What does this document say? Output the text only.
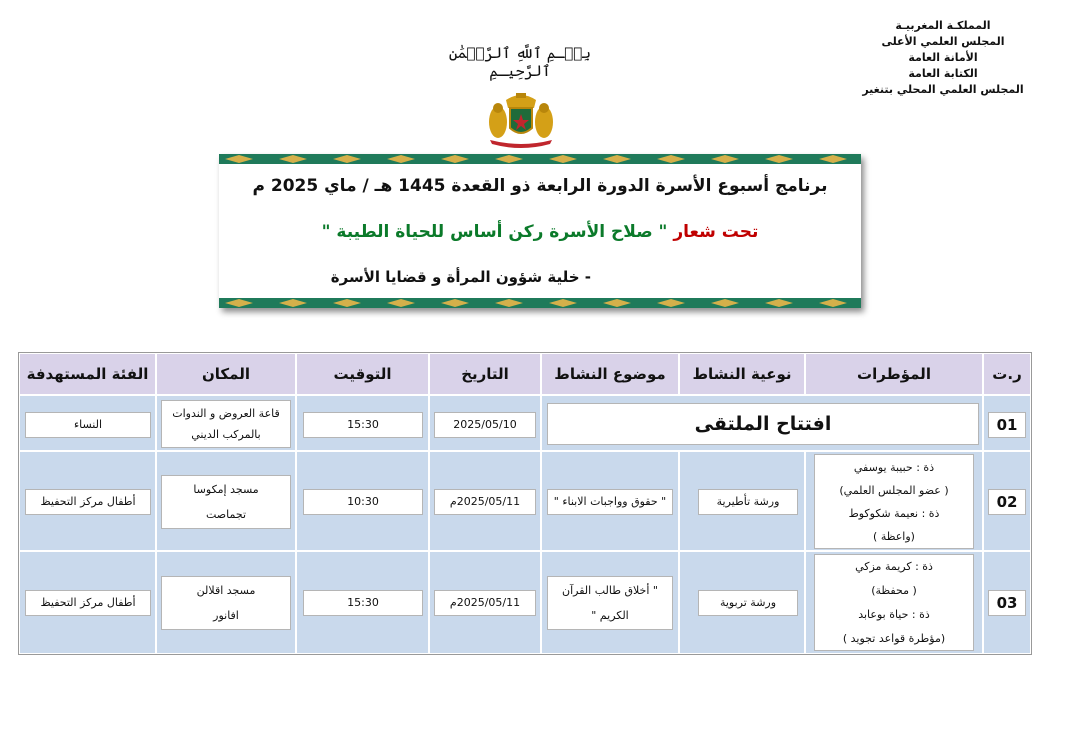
المملكـة المغربيـة
المجلس العلمي الأعلى
الأمانة العامة
الكتابة العامة
المجلس العلمي المحلي بتنغير
بِسۡـمِ ٱللَّهِ ٱلرَّحۡمَٰنِ ٱلرَّحِيـمِ
برنامج أسبوع الأسرة الدورة الرابعة ذو القعدة 1445 هـ / ماي 2025 م
تحت شعار " صلاح الأسرة ركن أساس للحياة الطيبة "
- خلية شؤون المرأة و قضايا الأسرة
ر.ت
01
02
03
المؤطرات
ذة : حبيبة يوسفي
( عضو المجلس العلمي)
ذة : نعيمة شكوكوط
(واعظة )
ذة : كريمة مزكي
( محفظة)
ذة : حياة بوعابد
(مؤطرة قواعد تجويد )
نوعية النشاط
ورشة تأطيرية
ورشة تربوية
موضوع النشاط
" حقوق وواجبات الابناء "
" أخلاق طالب القرآن
الكريم "
افتتاح الملتقى
التاريخ
2025/05/10
2025/05/11م
2025/05/11م
التوقيت
15:30
10:30
15:30
المكان
قاعة العروض و الندوات
بالمركب الديني
مسجد إمكوسا
تجماصت
مسجد اقلالن
افانور
الفئة المستهدفة
النساء
أطفال مركز التحفيظ
أطفال مركز التحفيظ
